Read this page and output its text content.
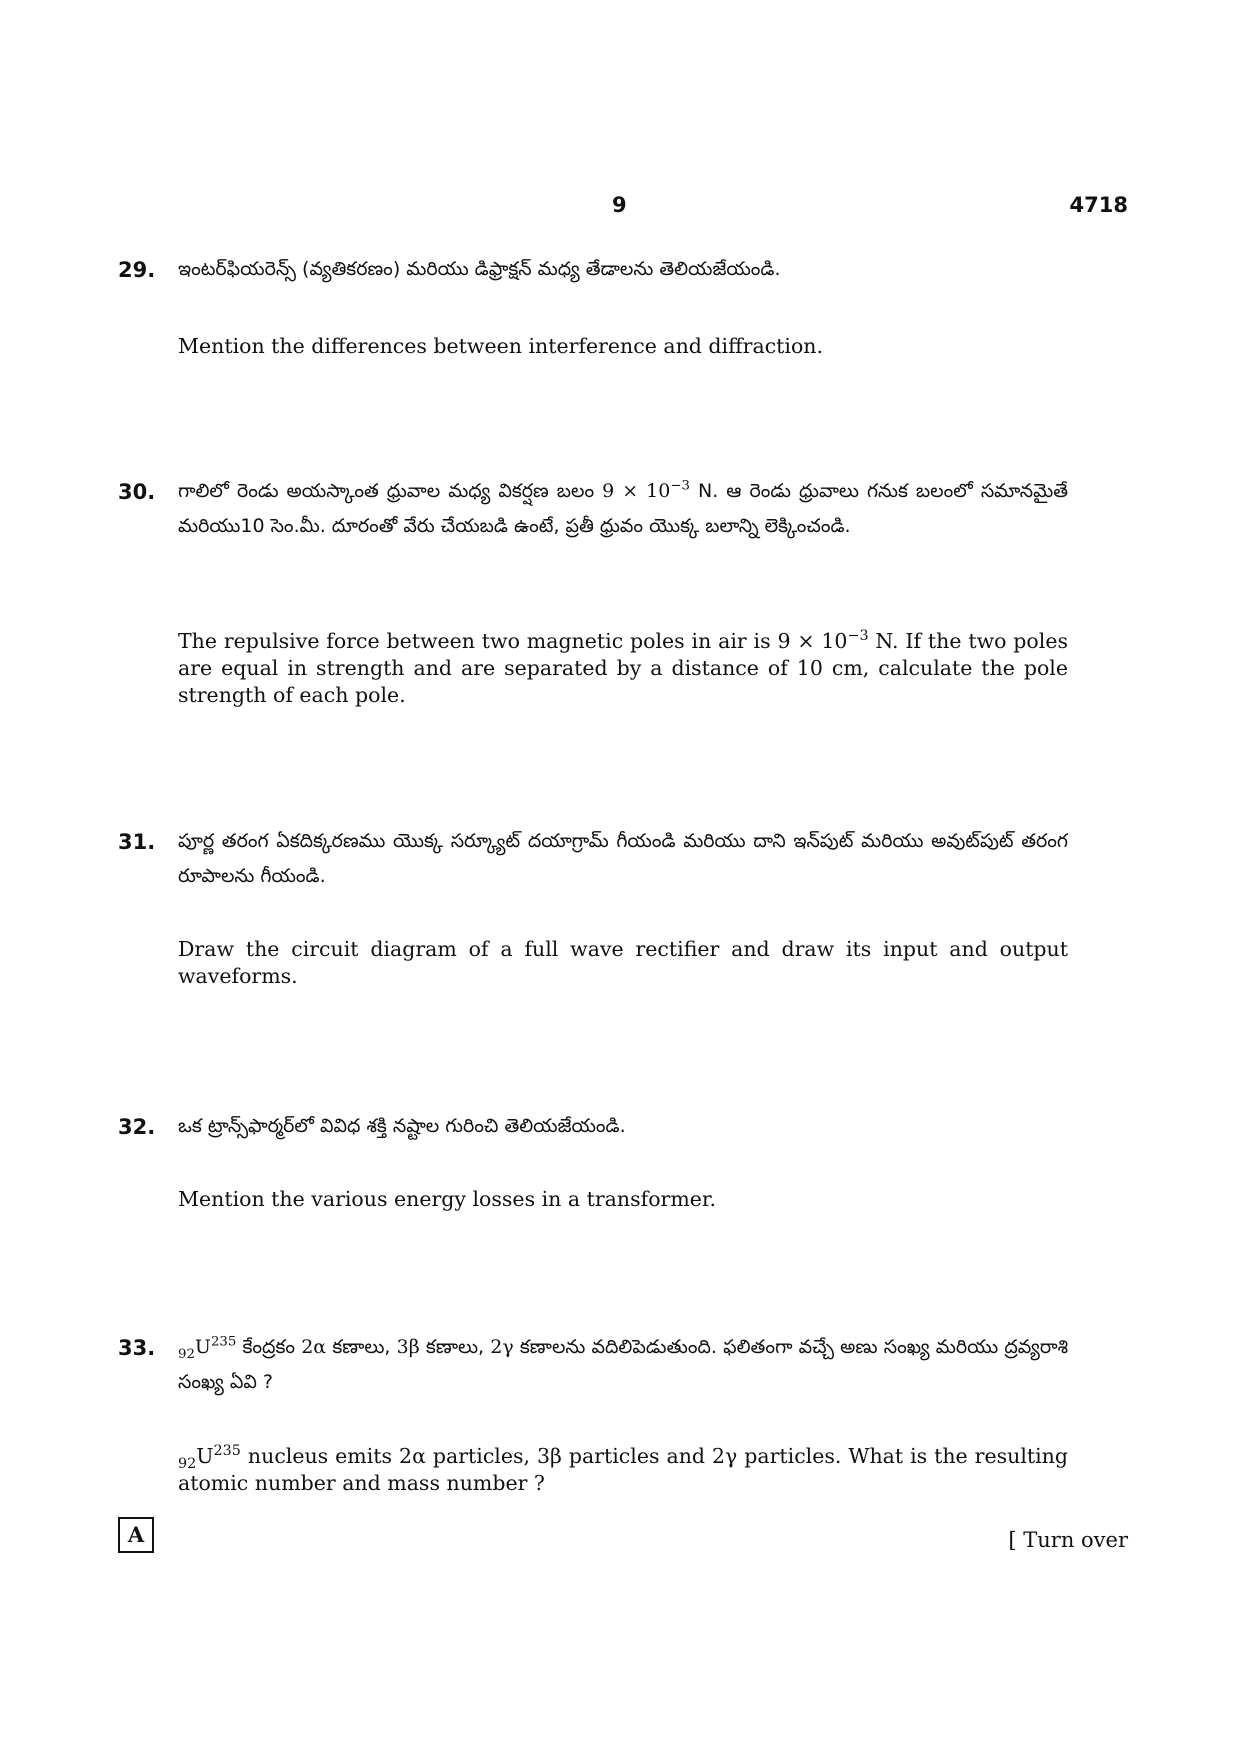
9	4718
29. ఇంటర్‌ఫియరెన్స్ (వ్యతికరణం) మరియు డిఫ్రాక్షన్ మధ్య తేడాలను తెలియజేయండి.
Mention the differences between interference and diffraction.
30. గాలిలో రెండు అయస్కాంత ధ్రువాల మధ్య వికర్షణ బలం $9 \times 10^{-3}$ N. ఆ రెండు ధ్రువాలు గనుక బలంలో సమానమైతే మరియు10 సెం.మీ. దూరంతో వేరు చేయబడి ఉంటే, ప్రతీ ధ్రువం యొక్క బలాన్ని లెక్కించండి.
The repulsive force between two magnetic poles in air is $9 \times 10^{-3}$ N. If the two poles are equal in strength and are separated by a distance of 10 cm, calculate the pole strength of each pole.
31. పూర్ణ తరంగ ఏకదిక్కరణము యొక్క సర్క్యూట్ దయాగ్రామ్ గీయండి మరియు దాని ఇన్‌పుట్ మరియు అవుట్‌పుట్ తరంగ రూపాలను గీయండి.
Draw the circuit diagram of a full wave rectifier and draw its input and output waveforms.
32. ఒక ట్రాన్స్‌ఫార్మర్‌లో వివిధ శక్తి నష్టాల గురించి తెలియజేయండి.
Mention the various energy losses in a transformer.
33. $_{92}U^{235}$ కేంద్రకం 2α కణాలు, 3β కణాలు, 2γ కణాలను వదిలిపెడుతుంది. ఫలితంగా వచ్చే అణు సంఖ్య మరియు ద్రవ్యరాశి సంఖ్య ఏవి ?
$_{92}U^{235}$ nucleus emits 2α particles, 3β particles and 2γ particles. What is the resulting atomic number and mass number ?
A	[ Turn over
